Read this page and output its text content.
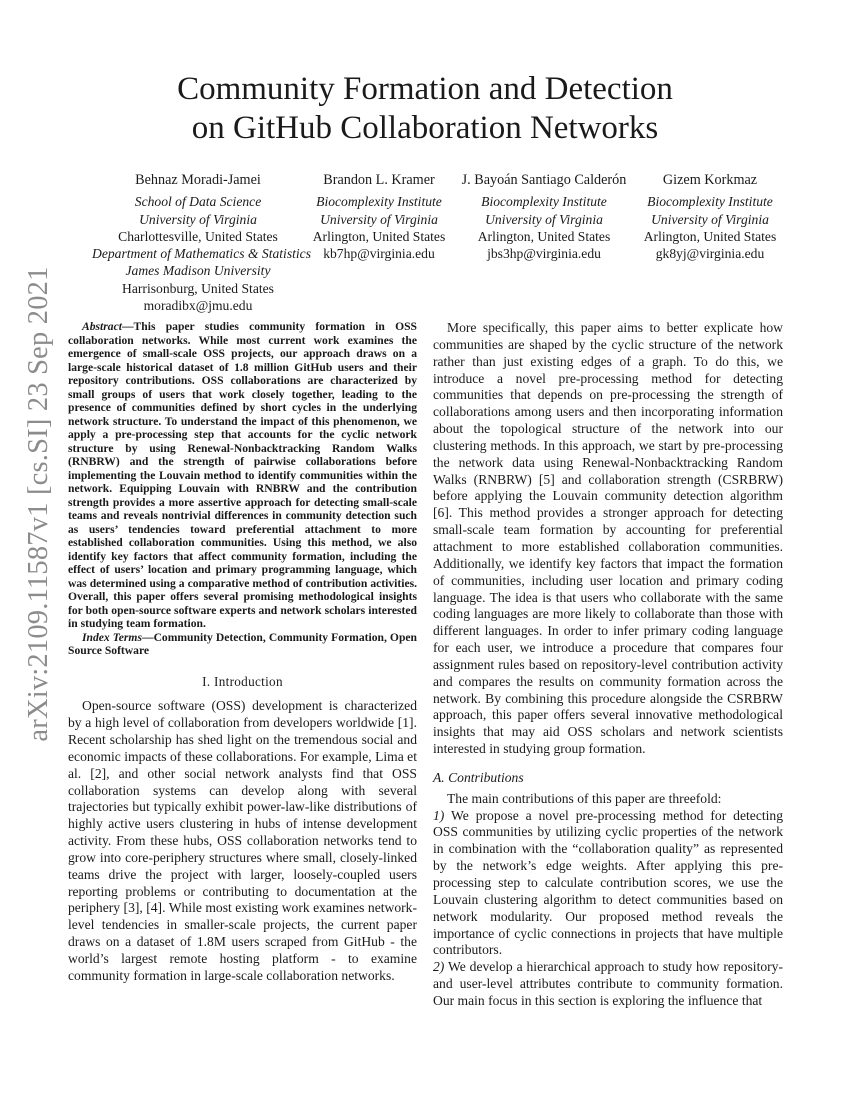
arXiv:2109.11587v1 [cs.SI] 23 Sep 2021
Community Formation and Detection
on GitHub Collaboration Networks
Behnaz Moradi-Jamei
School of Data Science
University of Virginia
Charlottesville, United States
Department of Mathematics & Statistics
James Madison University
Harrisonburg, United States
moradibx@jmu.edu
Brandon L. Kramer
Biocomplexity Institute
University of Virginia
Arlington, United States
kb7hp@virginia.edu
J. Bayoán Santiago Calderón
Biocomplexity Institute
University of Virginia
Arlington, United States
jbs3hp@virginia.edu
Gizem Korkmaz
Biocomplexity Institute
University of Virginia
Arlington, United States
gk8yj@virginia.edu
Abstract—This paper studies community formation in OSS collaboration networks. While most current work examines the emergence of small-scale OSS projects, our approach draws on a large-scale historical dataset of 1.8 million GitHub users and their repository contributions. OSS collaborations are characterized by small groups of users that work closely together, leading to the presence of communities defined by short cycles in the underlying network structure. To understand the impact of this phenomenon, we apply a pre-processing step that accounts for the cyclic network structure by using Renewal-Nonbacktracking Random Walks (RNBRW) and the strength of pairwise collaborations before implementing the Louvain method to identify communities within the network. Equipping Louvain with RNBRW and the contribution strength provides a more assertive approach for detecting small-scale teams and reveals nontrivial differences in community detection such as users’ tendencies toward preferential attachment to more established collaboration communities. Using this method, we also identify key factors that affect community formation, including the effect of users’ location and primary programming language, which was determined using a comparative method of contribution activities. Overall, this paper offers several promising methodological insights for both open-source software experts and network scholars interested in studying team formation.

Index Terms—Community Detection, Community Formation, Open Source Software

I. Introduction

Open-source software (OSS) development is characterized by a high level of collaboration from developers worldwide [1]. Recent scholarship has shed light on the tremendous social and economic impacts of these collaborations. For example, Lima et al. [2], and other social network analysts find that OSS collaboration systems can develop along with several trajectories but typically exhibit power-law-like distributions of highly active users clustering in hubs of intense development activity. From these hubs, OSS collaboration networks tend to grow into core-periphery structures where small, closely-linked teams drive the project with larger, loosely-coupled users reporting problems or contributing to documentation at the periphery [3], [4]. While most existing work examines network-level tendencies in smaller-scale projects, the current paper draws on a dataset of 1.8M users scraped from GitHub - the world’s largest remote hosting platform - to examine community formation in large-scale collaboration networks.

More specifically, this paper aims to better explicate how communities are shaped by the cyclic structure of the network rather than just existing edges of a graph. To do this, we introduce a novel pre-processing method for detecting communities that depends on pre-processing the strength of collaborations among users and then incorporating information about the topological structure of the network into our clustering methods. In this approach, we start by pre-processing the network data using Renewal-Nonbacktracking Random Walks (RNBRW) [5] and collaboration strength (CSRBRW) before applying the Louvain community detection algorithm [6]. This method provides a stronger approach for detecting small-scale team formation by accounting for preferential attachment to more established collaboration communities. Additionally, we identify key factors that impact the formation of communities, including user location and primary coding language. The idea is that users who collaborate with the same coding languages are more likely to collaborate than those with different languages. In order to infer primary coding language for each user, we introduce a procedure that compares four assignment rules based on repository-level contribution activity and compares the results on community formation across the network. By combining this procedure alongside the CSRBRW approach, this paper offers several innovative methodological insights that may aid OSS scholars and network scientists interested in studying group formation.

A. Contributions

The main contributions of this paper are threefold:

1) We propose a novel pre-processing method for detecting OSS communities by utilizing cyclic properties of the network in combination with the “collaboration quality” as represented by the network’s edge weights. After applying this pre-processing step to calculate contribution scores, we use the Louvain clustering algorithm to detect communities based on network modularity. Our proposed method reveals the importance of cyclic connections in projects that have multiple contributors.

2) We develop a hierarchical approach to study how repository- and user-level attributes contribute to community formation. Our main focus in this section is exploring the influence that
